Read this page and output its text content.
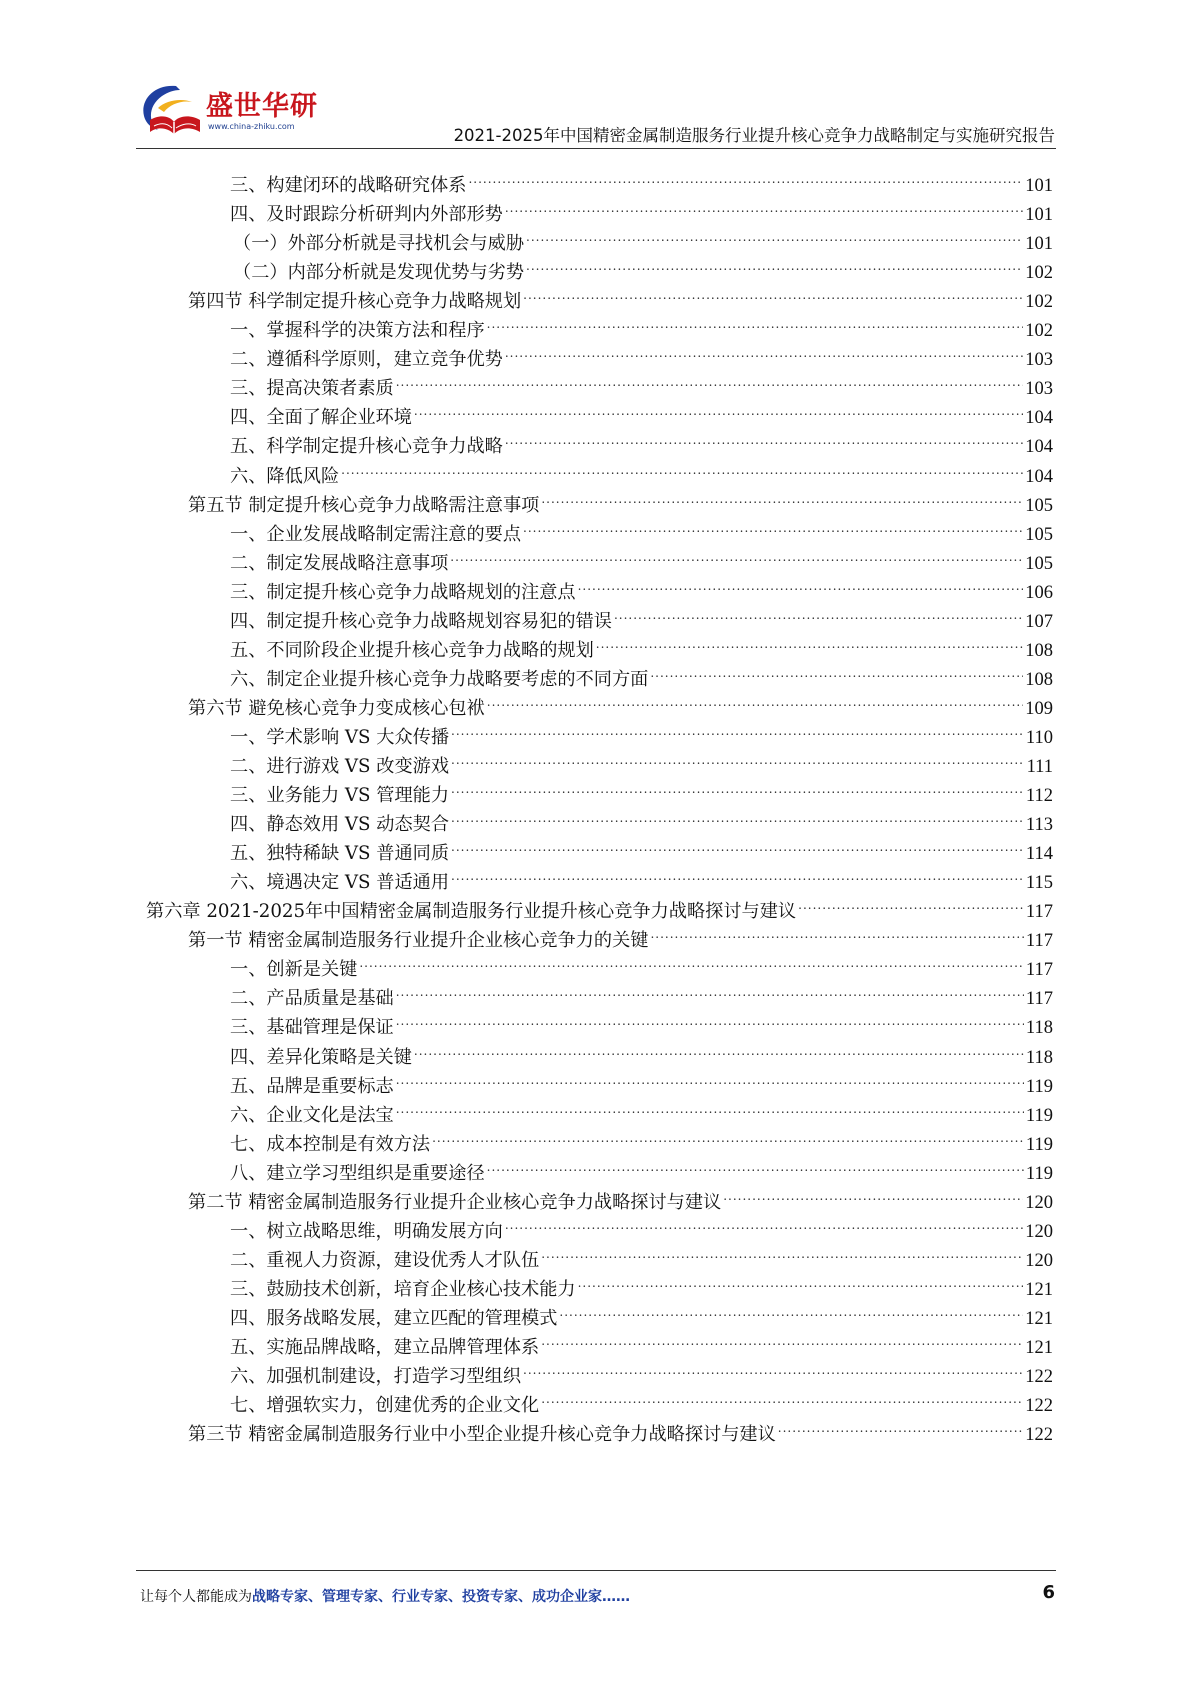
盛世华研
www.china-zhiku.com	2021-2025年中国精密金属制造服务行业提升核心竞争力战略制定与实施研究报告
三、构建闭环的战略研究体系 .....	101
四、及时跟踪分析研判内外部形势 .....	101
（一）外部分析就是寻找机会与威胁 .....	101
（二）内部分析就是发现优势与劣势 .....	102
第四节 科学制定提升核心竞争力战略规划 .....	102
一、掌握科学的决策方法和程序 .....	102
二、遵循科学原则，建立竞争优势 .....	103
三、提高决策者素质 .....	103
四、全面了解企业环境 .....	104
五、科学制定提升核心竞争力战略 .....	104
六、降低风险 .....	104
第五节 制定提升核心竞争力战略需注意事项 .....	105
一、企业发展战略制定需注意的要点 .....	105
二、制定发展战略注意事项 .....	105
三、制定提升核心竞争力战略规划的注意点 .....	106
四、制定提升核心竞争力战略规划容易犯的错误 .....	107
五、不同阶段企业提升核心竞争力战略的规划 .....	108
六、制定企业提升核心竞争力战略要考虑的不同方面 .....	108
第六节 避免核心竞争力变成核心包袱 .....	109
一、学术影响 VS 大众传播 .....	110
二、进行游戏 VS 改变游戏 .....	111
三、业务能力 VS 管理能力 .....	112
四、静态效用 VS 动态契合 .....	113
五、独特稀缺 VS 普通同质 .....	114
六、境遇决定 VS 普适通用 .....	115
第六章 2021-2025年中国精密金属制造服务行业提升核心竞争力战略探讨与建议 .....	117
第一节 精密金属制造服务行业提升企业核心竞争力的关键 .....	117
一、创新是关键 .....	117
二、产品质量是基础 .....	117
三、基础管理是保证 .....	118
四、差异化策略是关键 .....	118
五、品牌是重要标志 .....	119
六、企业文化是法宝 .....	119
七、成本控制是有效方法 .....	119
八、建立学习型组织是重要途径 .....	119
第二节 精密金属制造服务行业提升企业核心竞争力战略探讨与建议 .....	120
一、树立战略思维，明确发展方向 .....	120
二、重视人力资源，建设优秀人才队伍 .....	120
三、鼓励技术创新，培育企业核心技术能力 .....	121
四、服务战略发展，建立匹配的管理模式 .....	121
五、实施品牌战略，建立品牌管理体系 .....	121
六、加强机制建设，打造学习型组织 .....	122
七、增强软实力，创建优秀的企业文化 .....	122
第三节 精密金属制造服务行业中小型企业提升核心竞争力战略探讨与建议 .....	122
让每个人都能成为战略专家、管理专家、行业专家、投资专家、成功企业家……	6
